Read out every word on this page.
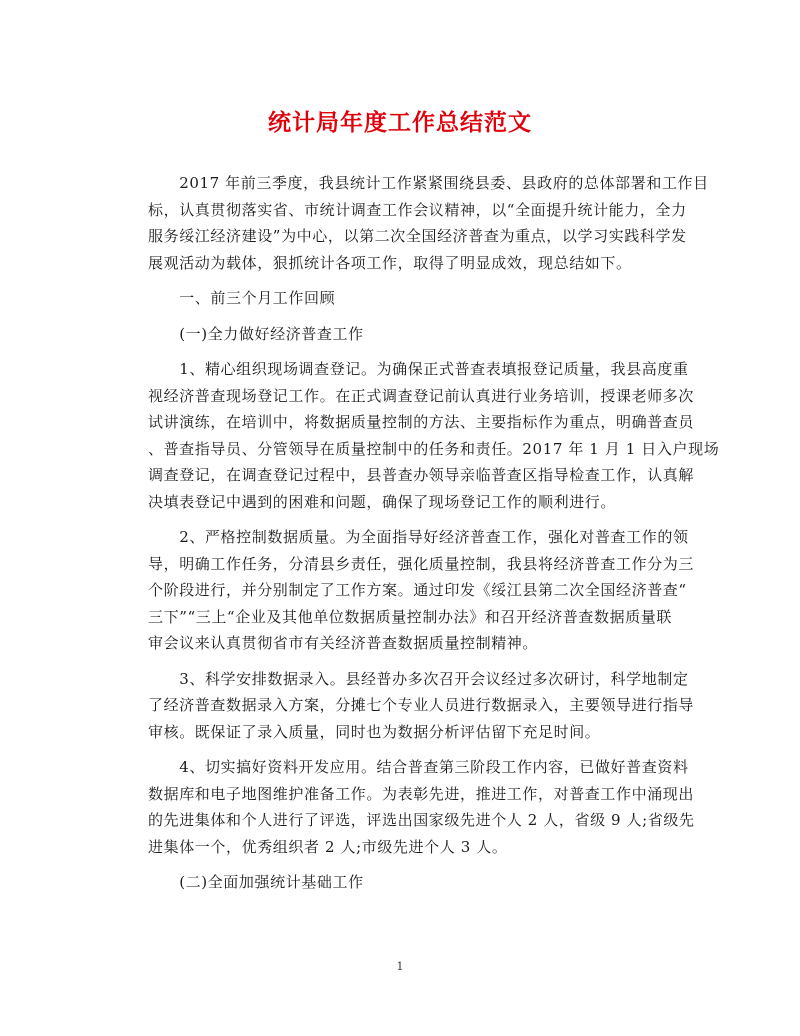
统计局年度工作总结范文
　　2017 年前三季度，我县统计工作紧紧围绕县委、县政府的总体部署和工作目
标，认真贯彻落实省、市统计调查工作会议精神，以“全面提升统计能力，全力
服务绥江经济建设”为中心，以第二次全国经济普查为重点，以学习实践科学发
展观活动为载体，狠抓统计各项工作，取得了明显成效，现总结如下。
　　一、前三个月工作回顾
　　(一)全力做好经济普查工作
　　1、精心组织现场调查登记。为确保正式普查表填报登记质量，我县高度重
视经济普查现场登记工作。在正式调查登记前认真进行业务培训，授课老师多次
试讲演练，在培训中，将数据质量控制的方法、主要指标作为重点，明确普查员
、普查指导员、分管领导在质量控制中的任务和责任。2017 年 1 月 1 日入户现场
调查登记，在调查登记过程中，县普查办领导亲临普查区指导检查工作，认真解
决填表登记中遇到的困难和问题，确保了现场登记工作的顺利进行。
　　2、严格控制数据质量。为全面指导好经济普查工作，强化对普查工作的领
导，明确工作任务，分清县乡责任，强化质量控制，我县将经济普查工作分为三
个阶段进行，并分别制定了工作方案。通过印发《绥江县第二次全国经济普查“
三下”“三上“企业及其他单位数据质量控制办法》和召开经济普查数据质量联
审会议来认真贯彻省市有关经济普查数据质量控制精神。
　　3、科学安排数据录入。县经普办多次召开会议经过多次研讨，科学地制定
了经济普查数据录入方案，分摊七个专业人员进行数据录入，主要领导进行指导
审核。既保证了录入质量，同时也为数据分析评估留下充足时间。
　　4、切实搞好资料开发应用。结合普查第三阶段工作内容，已做好普查资料
数据库和电子地图维护准备工作。为表彰先进，推进工作，对普查工作中涌现出
的先进集体和个人进行了评选，评选出国家级先进个人 2 人，省级 9 人;省级先
进集体一个，优秀组织者 2 人;市级先进个人 3 人。
　　(二)全面加强统计基础工作
1
